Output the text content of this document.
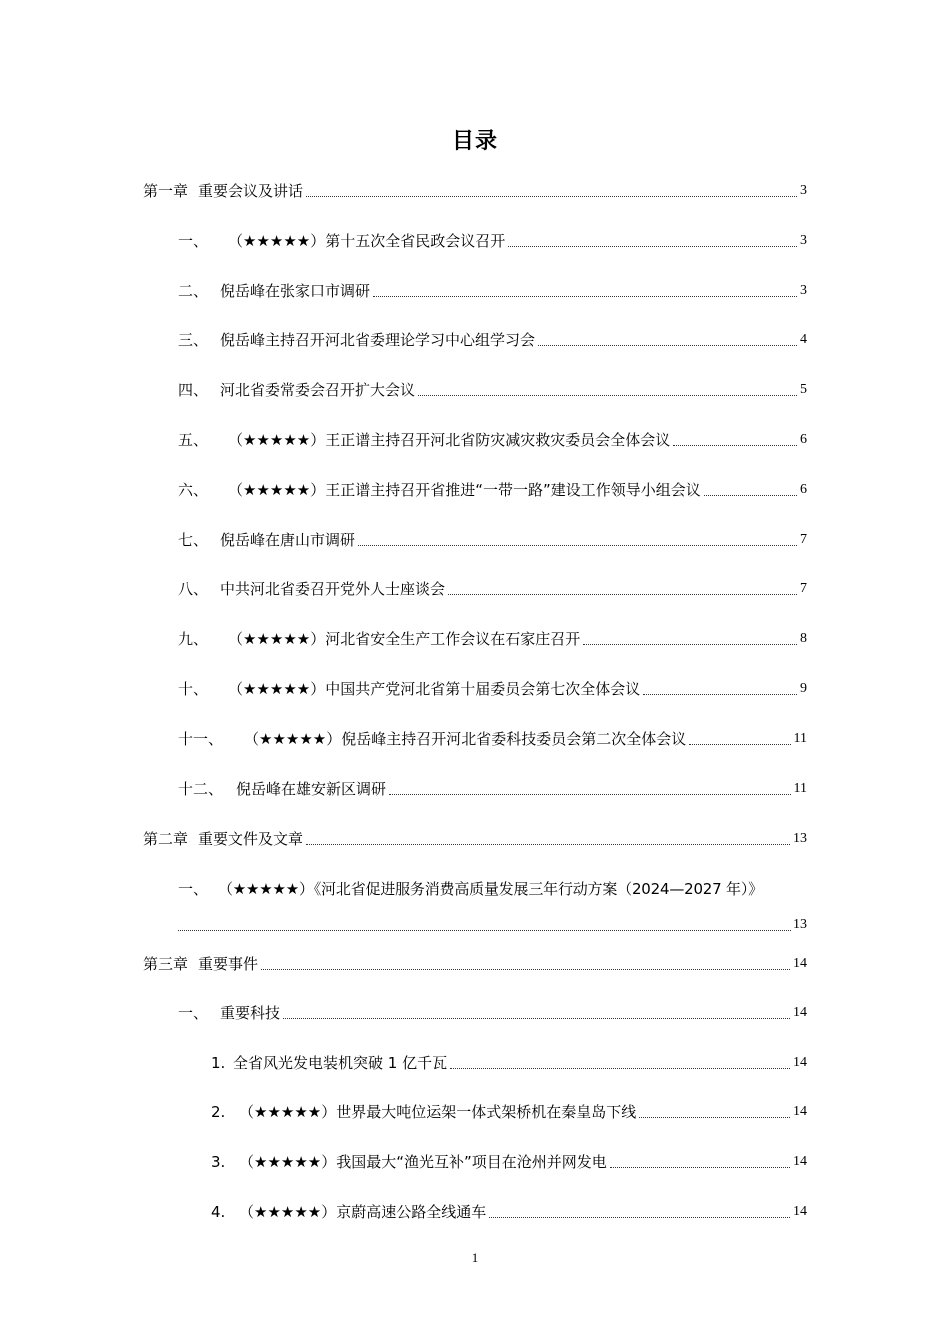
目录
第一章 重要会议及讲话	3
一、 （★★★★★）第十五次全省民政会议召开	3
二、 倪岳峰在张家口市调研	3
三、 倪岳峰主持召开河北省委理论学习中心组学习会	4
四、 河北省委常委会召开扩大会议	5
五、 （★★★★★）王正谱主持召开河北省防灾减灾救灾委员会全体会议	6
六、 （★★★★★）王正谱主持召开省推进“一带一路”建设工作领导小组会议	6
七、 倪岳峰在唐山市调研	7
八、 中共河北省委召开党外人士座谈会	7
九、 （★★★★★）河北省安全生产工作会议在石家庄召开	8
十、 （★★★★★）中国共产党河北省第十届委员会第七次全体会议	9
十一、 （★★★★★）倪岳峰主持召开河北省委科技委员会第二次全体会议	11
十二、 倪岳峰在雄安新区调研	11
第二章 重要文件及文章	13
一、 （★★★★★）《河北省促进服务消费高质量发展三年行动方案（2024—2027 年）》
13
第三章 重要事件	14
一、 重要科技	14
1. 全省风光发电装机突破 1 亿千瓦	14
2. （★★★★★）世界最大吨位运架一体式架桥机在秦皇岛下线	14
3. （★★★★★）我国最大“渔光互补”项目在沧州并网发电	14
4. （★★★★★）京蔚高速公路全线通车	14
1
